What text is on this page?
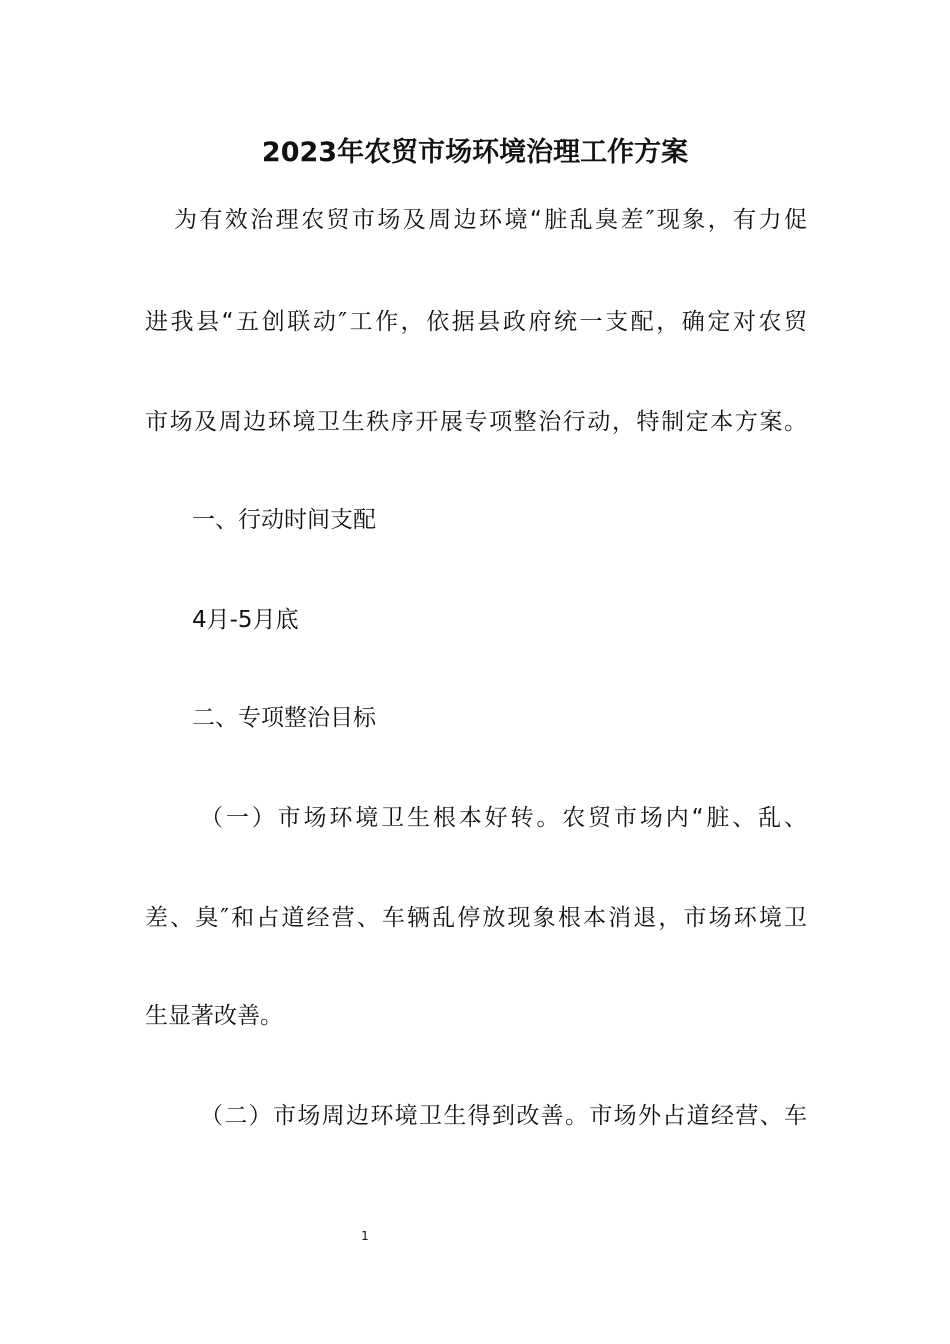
2023年农贸市场环境治理工作方案
为有效治理农贸市场及周边环境“脏乱臭差″现象，有力促
进我县“五创联动″工作，依据县政府统一支配，确定对农贸
市场及周边环境卫生秩序开展专项整治行动，特制定本方案。
一、行动时间支配
4月-5月底
二、专项整治目标
（一）市场环境卫生根本好转。农贸市场内“脏、乱、
差、臭″和占道经营、车辆乱停放现象根本消退，市场环境卫
生显著改善。
（二）市场周边环境卫生得到改善。市场外占道经营、车
1
